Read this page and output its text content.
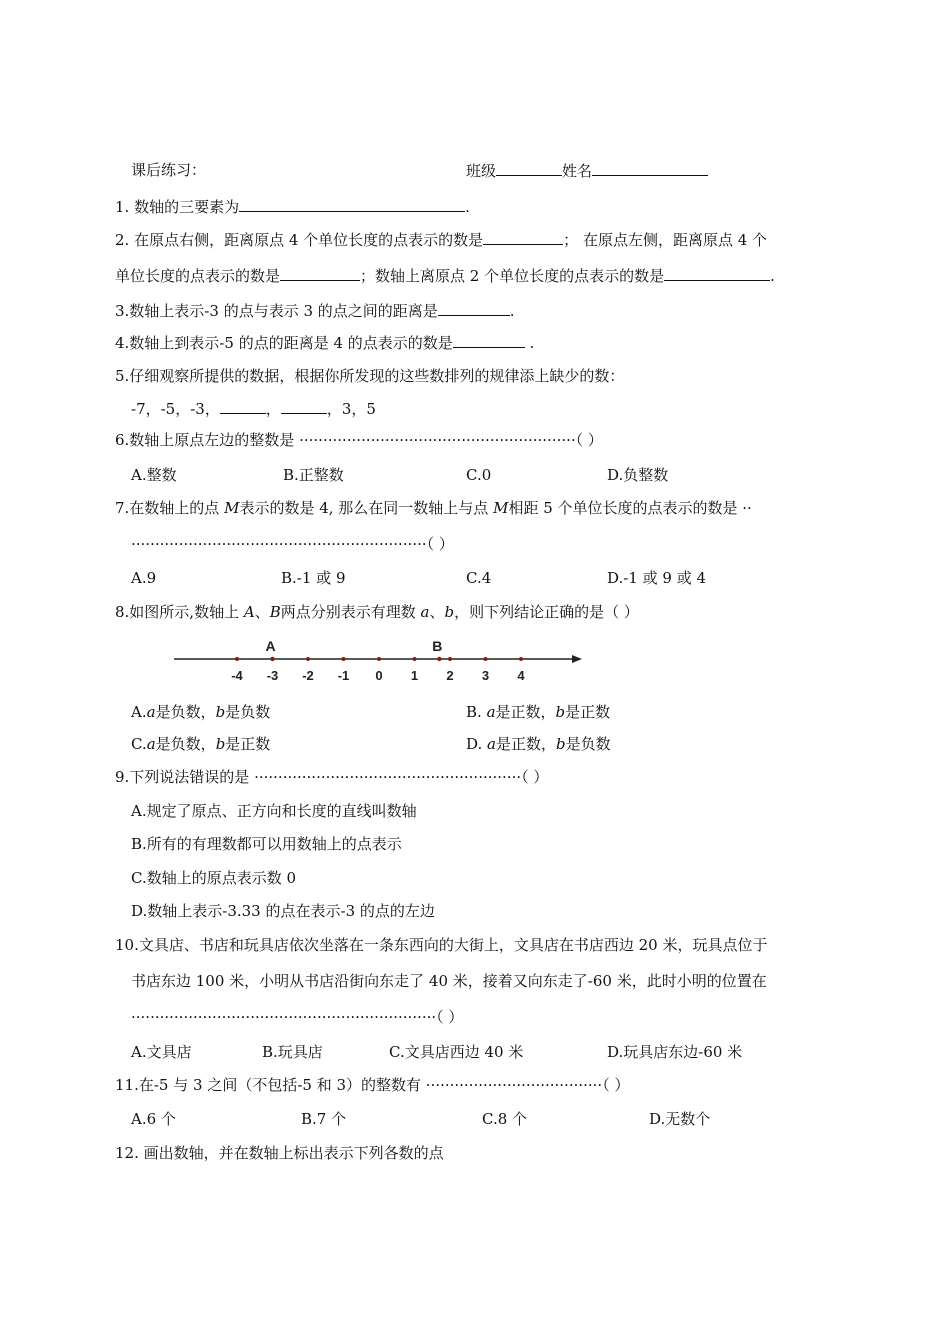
课后练习：	班级	姓名
1. 数轴的三要素为	.
2. 在原点右侧，距离原点 4 个单位长度的点表示的数是	； 在原点左侧，距离原点 4 个
单位长度的点表示的数是	；数轴上离原点 2 个单位长度的点表示的数是	.
3.数轴上表示-3 的点与表示 3 的点之间的距离是	.
4.数轴上到表示-5 的点的距离是 4 的点表示的数是	.
5.仔细观察所提供的数据，根据你所发现的这些数排列的规律添上缺少的数：
-7，-5，-3，	，	，3，5
6.数轴上原点左边的整数是 ··························································（ ）
A.整数	B.正整数	C.0	D.负整数
7.在数轴上的点 M表示的数是 4, 那么在同一数轴上与点 M相距 5 个单位长度的点表示的数是 ··
······························································（ ）
A.9	B.-1 或 9	C.4	D.-1 或 9 或 4
8.如图所示,数轴上 A、B两点分别表示有理数 a、b，则下列结论正确的是（ ）
-4 -3 -2 -1 0 1 2 3 4
A	B
A.a是负数，b是负数	B. a是正数，b是正数
C.a是负数，b是正数	D. a是正数，b是负数
9.下列说法错误的是 ························································（ ）
A.规定了原点、正方向和长度的直线叫数轴
B.所有的有理数都可以用数轴上的点表示
C.数轴上的原点表示数 0
D.数轴上表示-3.33 的点在表示-3 的点的左边
10.文具店、书店和玩具店依次坐落在一条东西向的大街上，文具店在书店西边 20 米，玩具点位于
书店东边 100 米，小明从书店沿街向东走了 40 米，接着又向东走了-60 米，此时小明的位置在
································································（ ）
A.文具店	B.玩具店	C.文具店西边 40 米	D.玩具店东边-60 米
11.在-5 与 3 之间（不包括-5 和 3）的整数有 ·····································（ ）
A.6 个	B.7 个	C.8 个	D.无数个
12. 画出数轴，并在数轴上标出表示下列各数的点
